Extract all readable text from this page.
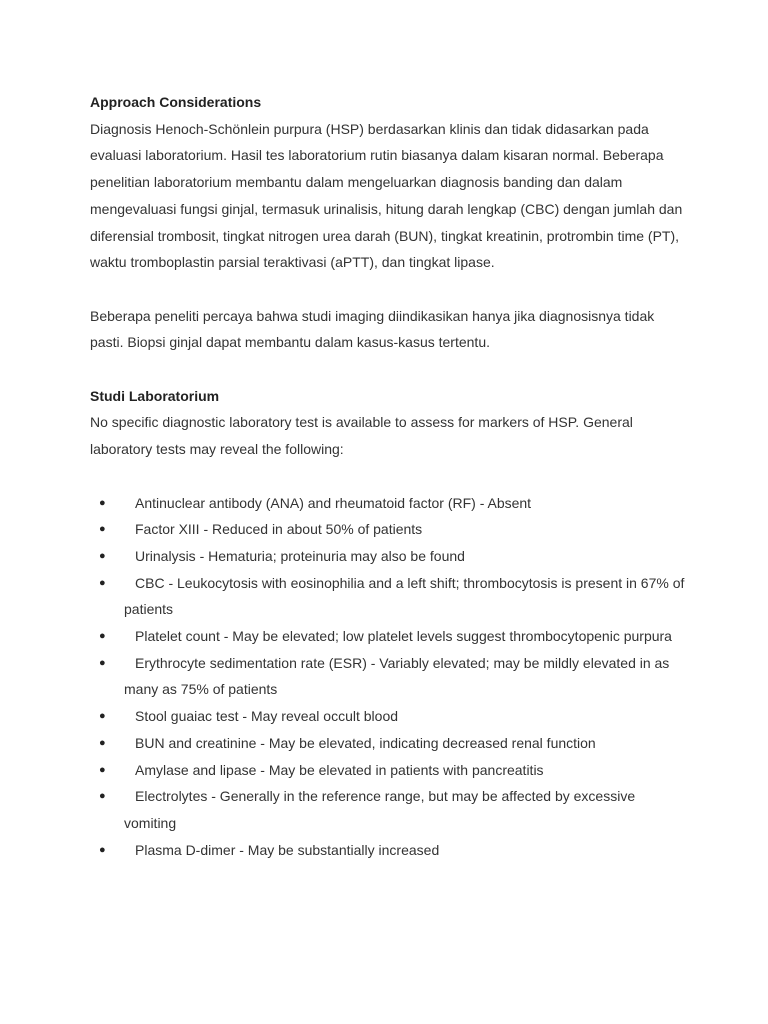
Approach Considerations

Diagnosis Henoch-Schönlein purpura (HSP) berdasarkan klinis dan tidak didasarkan pada evaluasi laboratorium. Hasil tes laboratorium rutin biasanya dalam kisaran normal. Beberapa penelitian laboratorium membantu dalam mengeluarkan diagnosis banding dan dalam mengevaluasi fungsi ginjal, termasuk urinalisis, hitung darah lengkap (CBC) dengan jumlah dan diferensial trombosit, tingkat nitrogen urea darah (BUN), tingkat kreatinin, protrombin time (PT), waktu tromboplastin parsial teraktivasi (aPTT), dan tingkat lipase.

Beberapa peneliti percaya bahwa studi imaging diindikasikan hanya jika diagnosisnya tidak pasti. Biopsi ginjal dapat membantu dalam kasus-kasus tertentu.

Studi Laboratorium

No specific diagnostic laboratory test is available to assess for markers of HSP. General laboratory tests may reveal the following:

● Antinuclear antibody (ANA) and rheumatoid factor (RF) - Absent
● Factor XIII - Reduced in about 50% of patients
● Urinalysis - Hematuria; proteinuria may also be found
● CBC - Leukocytosis with eosinophilia and a left shift; thrombocytosis is present in 67% of patients
● Platelet count - May be elevated; low platelet levels suggest thrombocytopenic purpura
● Erythrocyte sedimentation rate (ESR) - Variably elevated; may be mildly elevated in as many as 75% of patients
● Stool guaiac test - May reveal occult blood
● BUN and creatinine - May be elevated, indicating decreased renal function
● Amylase and lipase - May be elevated in patients with pancreatitis
● Electrolytes - Generally in the reference range, but may be affected by excessive vomiting
● Plasma D-dimer - May be substantially increased
